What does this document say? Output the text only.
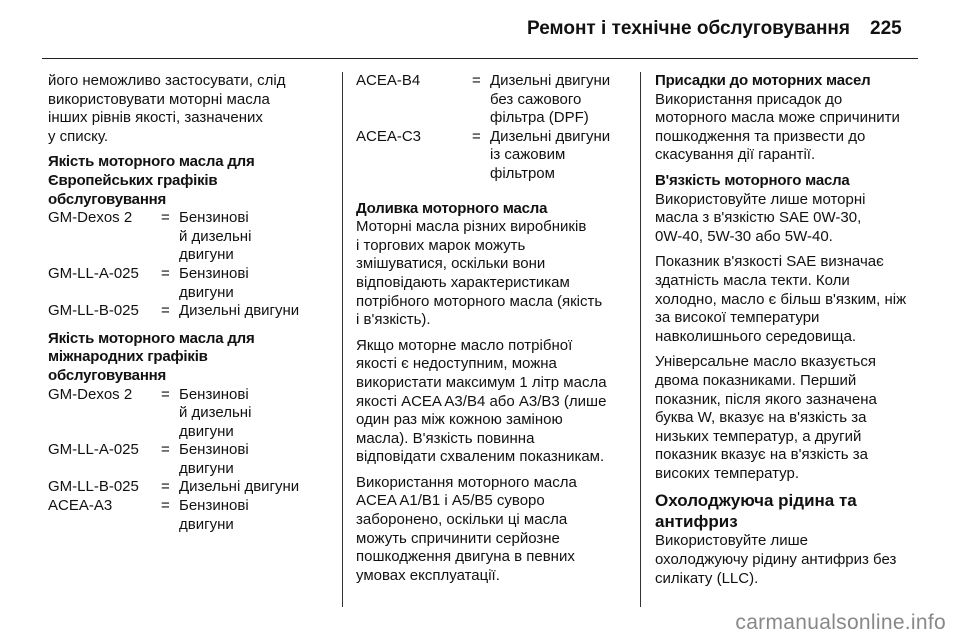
Ремонт і технічне обслуговування 225

його неможливо застосувати, слід
використовувати моторні масла
інших рівнів якості, зазначених
у списку.

Якість моторного масла для
Європейських графіків
обслуговування

GM-Dexos 2	= Бензинові
й дизельні
двигуни
GM-LL-A-025	= Бензинові
двигуни
GM-LL-B-025	= Дизельні двигуни

Якість моторного масла для
міжнародних графіків
обслуговування

GM-Dexos 2	= Бензинові
й дизельні
двигуни
GM-LL-A-025	= Бензинові
двигуни
GM-LL-B-025	= Дизельні двигуни
ACEA-A3	= Бензинові
двигуни
ACEA-B4	= Дизельні двигуни
без сажового
фільтра (DPF)
ACEA-C3	= Дизельні двигуни
із сажовим
фільтром

Доливка моторного масла

Моторні масла різних виробників
і торгових марок можуть
змішуватися, оскільки вони
відповідають характеристикам
потрібного моторного масла (якість
і в'язкість).

Якщо моторне масло потрібної
якості є недоступним, можна
використати максимум 1 літр масла
якості ACEA A3/B4 або A3/B3 (лише
один раз між кожною заміною
масла). В'язкість повинна
відповідати схваленим показникам.

Використання моторного масла
ACEA A1/B1 і A5/B5 суворо
заборонено, оскільки ці масла
можуть спричинити серйозне
пошкодження двигуна в певних
умовах експлуатації.

Присадки до моторних масел

Використання присадок до
моторного масла може спричинити
пошкодження та призвести до
скасування дії гарантії.

В'язкість моторного масла

Використовуйте лише моторні
масла з в'язкістю SAE 0W-30,
0W-40, 5W-30 або 5W-40.

Показник в'язкості SAE визначає
здатність масла текти. Коли
холодно, масло є більш в'язким, ніж
за високої температури
навколишнього середовища.

Універсальне масло вказується
двома показниками. Перший
показник, після якого зазначена
буква W, вказує на в'язкість за
низьких температур, а другий
показник вказує на в'язкість за
високих температур.

Охолоджуюча рідина та
антифриз

Використовуйте лише
охолоджуючу рідину антифриз без
силікату (LLC).

carmanualsonline.info
